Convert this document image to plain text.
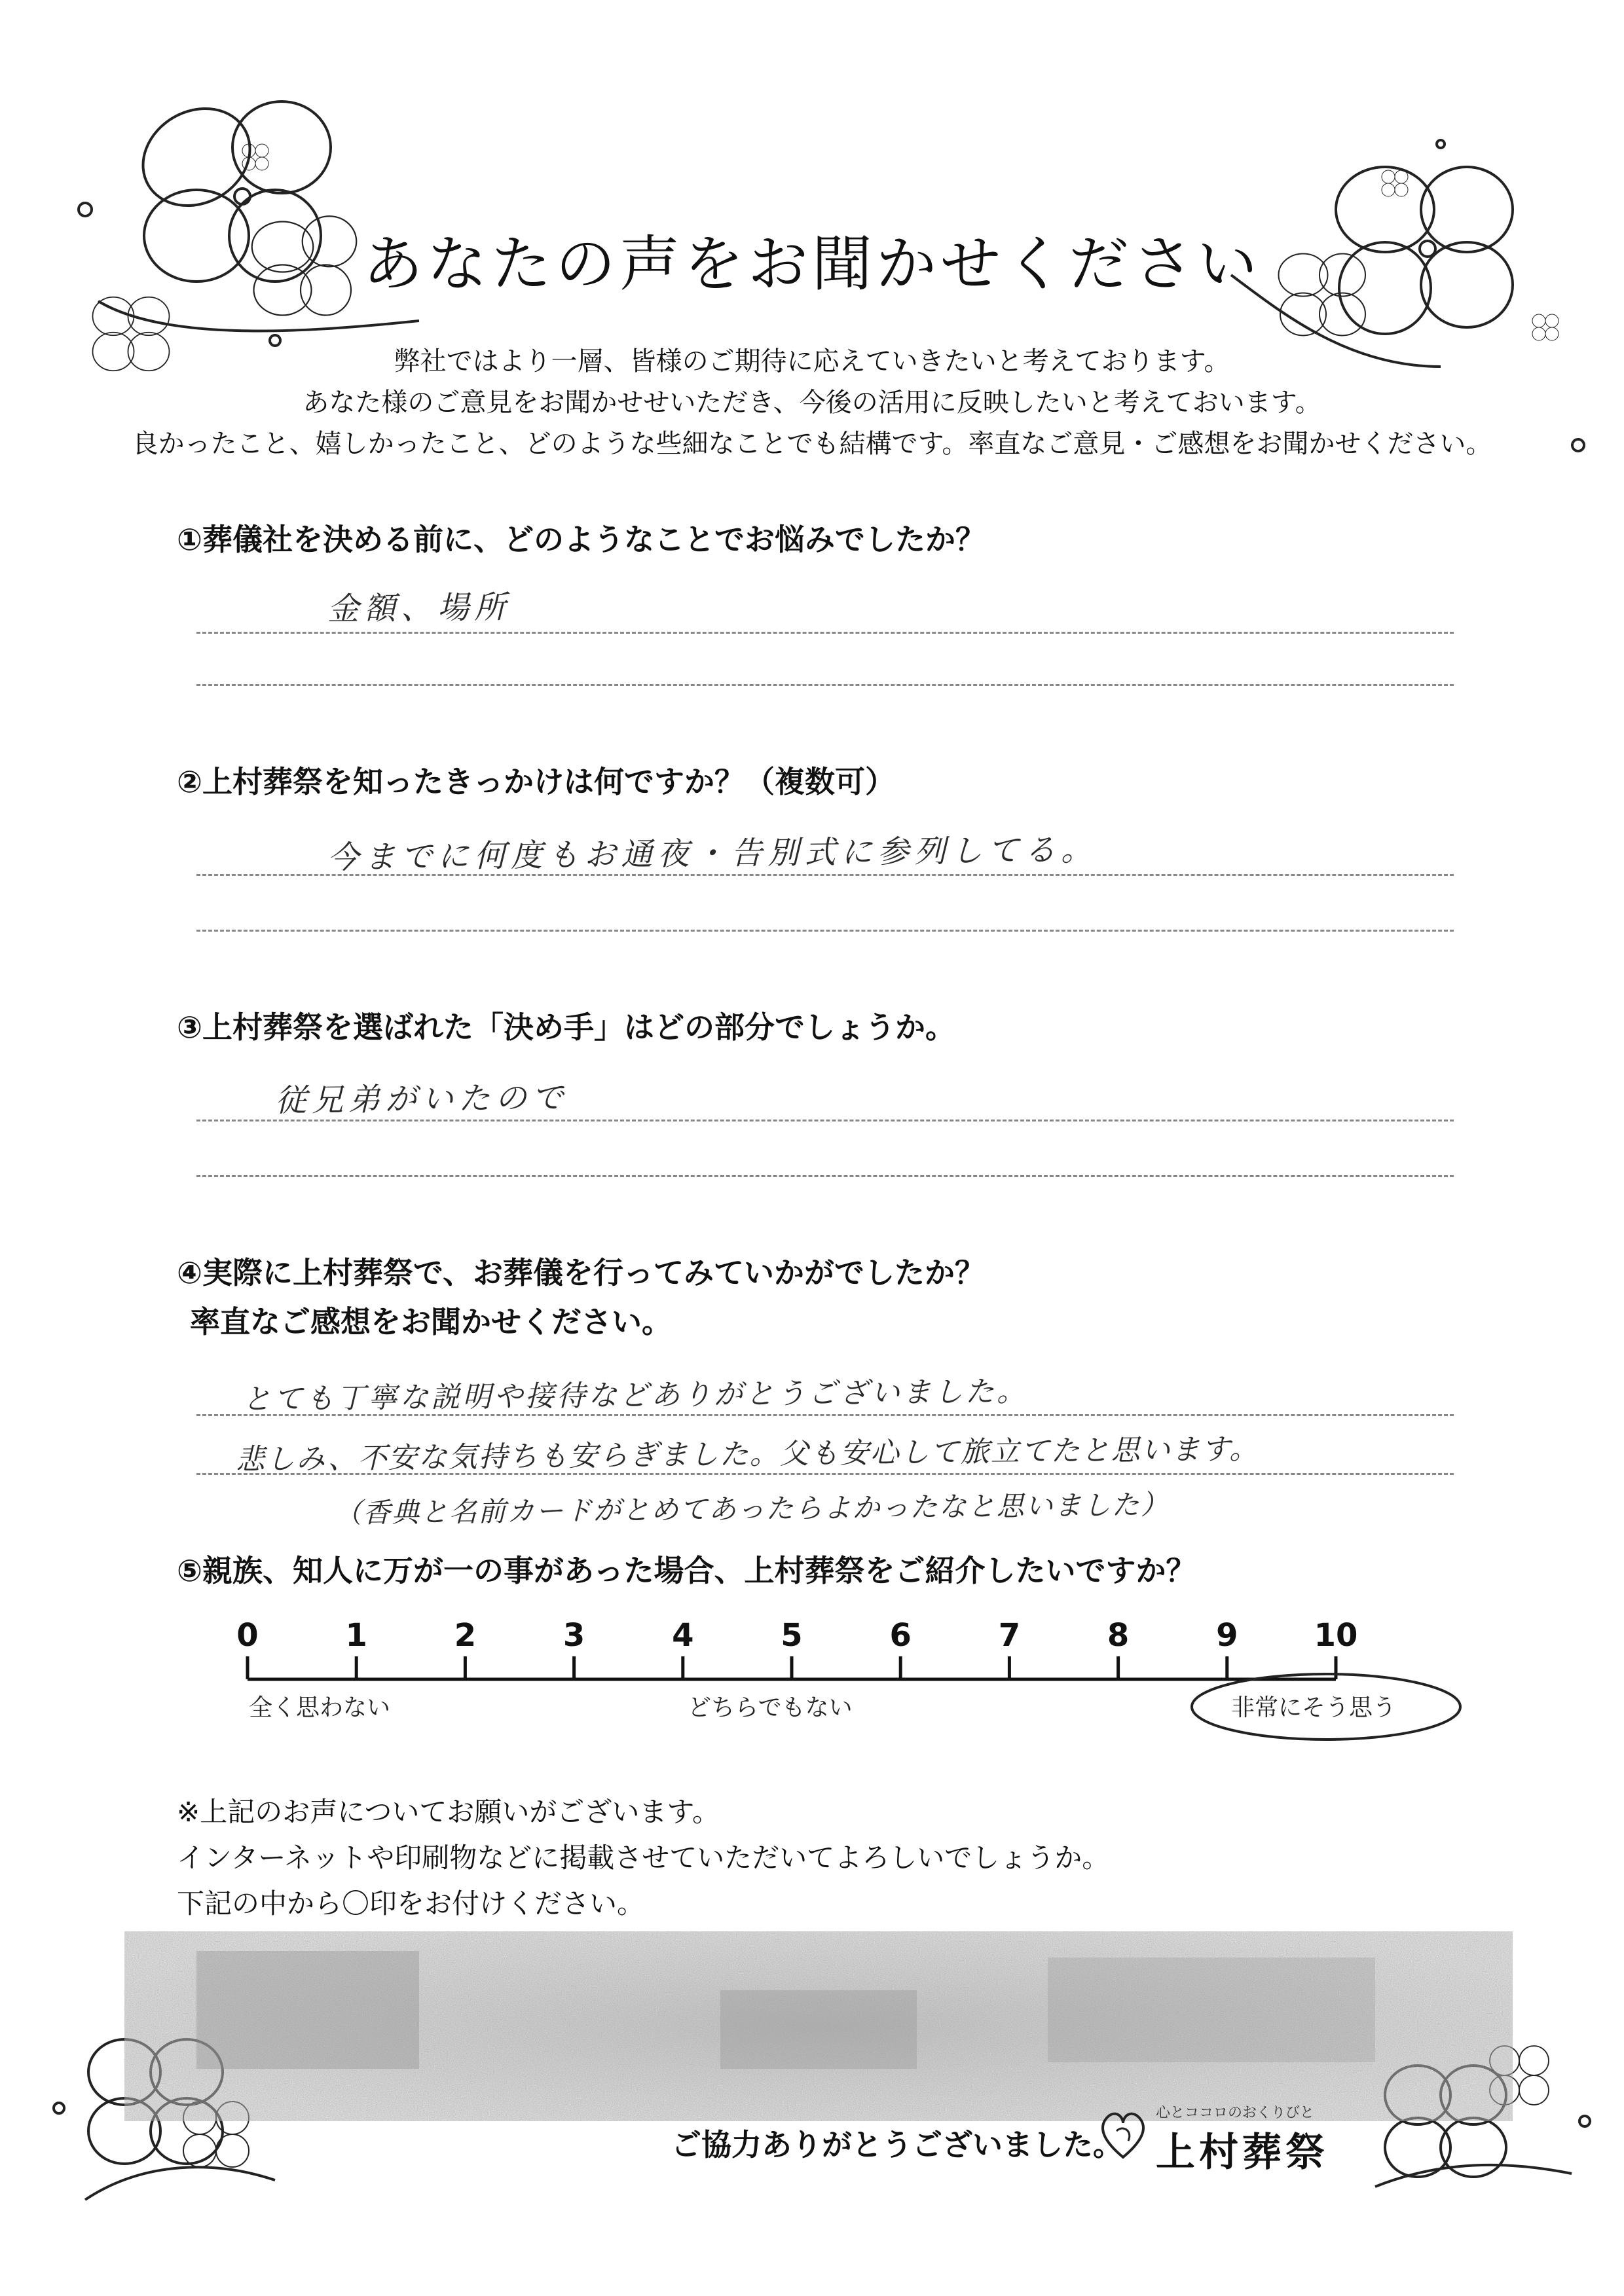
あなたの声をお聞かせください
弊社ではより一層、皆様のご期待に応えていきたいと考えております。
あなた様のご意見をお聞かせせいただき、今後の活用に反映したいと考えておいます。
良かったこと、嬉しかったこと、どのような些細なことでも結構です。率直なご意見・ご感想をお聞かせください。
①葬儀社を決める前に、どのようなことでお悩みでしたか？
金額、場所
②上村葬祭を知ったきっかけは何ですか？（複数可）
今までに何度もお通夜・告別式に参列してる。
③上村葬祭を選ばれた「決め手」はどの部分でしょうか。
従兄弟がいたので
④実際に上村葬祭で、お葬儀を行ってみていかがでしたか？
率直なご感想をお聞かせください。
とても丁寧な説明や接待などありがとうございました。
悲しみ、不安な気持ちも安らぎました。父も安心して旅立てたと思います。
（香典と名前カードがとめてあったらよかったなと思いました）
⑤親族、知人に万が一の事があった場合、上村葬祭をご紹介したいですか？
0	1	2	3	4	5	6	7	8	9	10
全く思わない	どちらでもない	非常にそう思う
※上記のお声についてお願いがございます。
インターネットや印刷物などに掲載させていただいてよろしいでしょうか。
下記の中から〇印をお付けください。
ご協力ありがとうございました。
心とココロのおくりびと
上村葬祭
